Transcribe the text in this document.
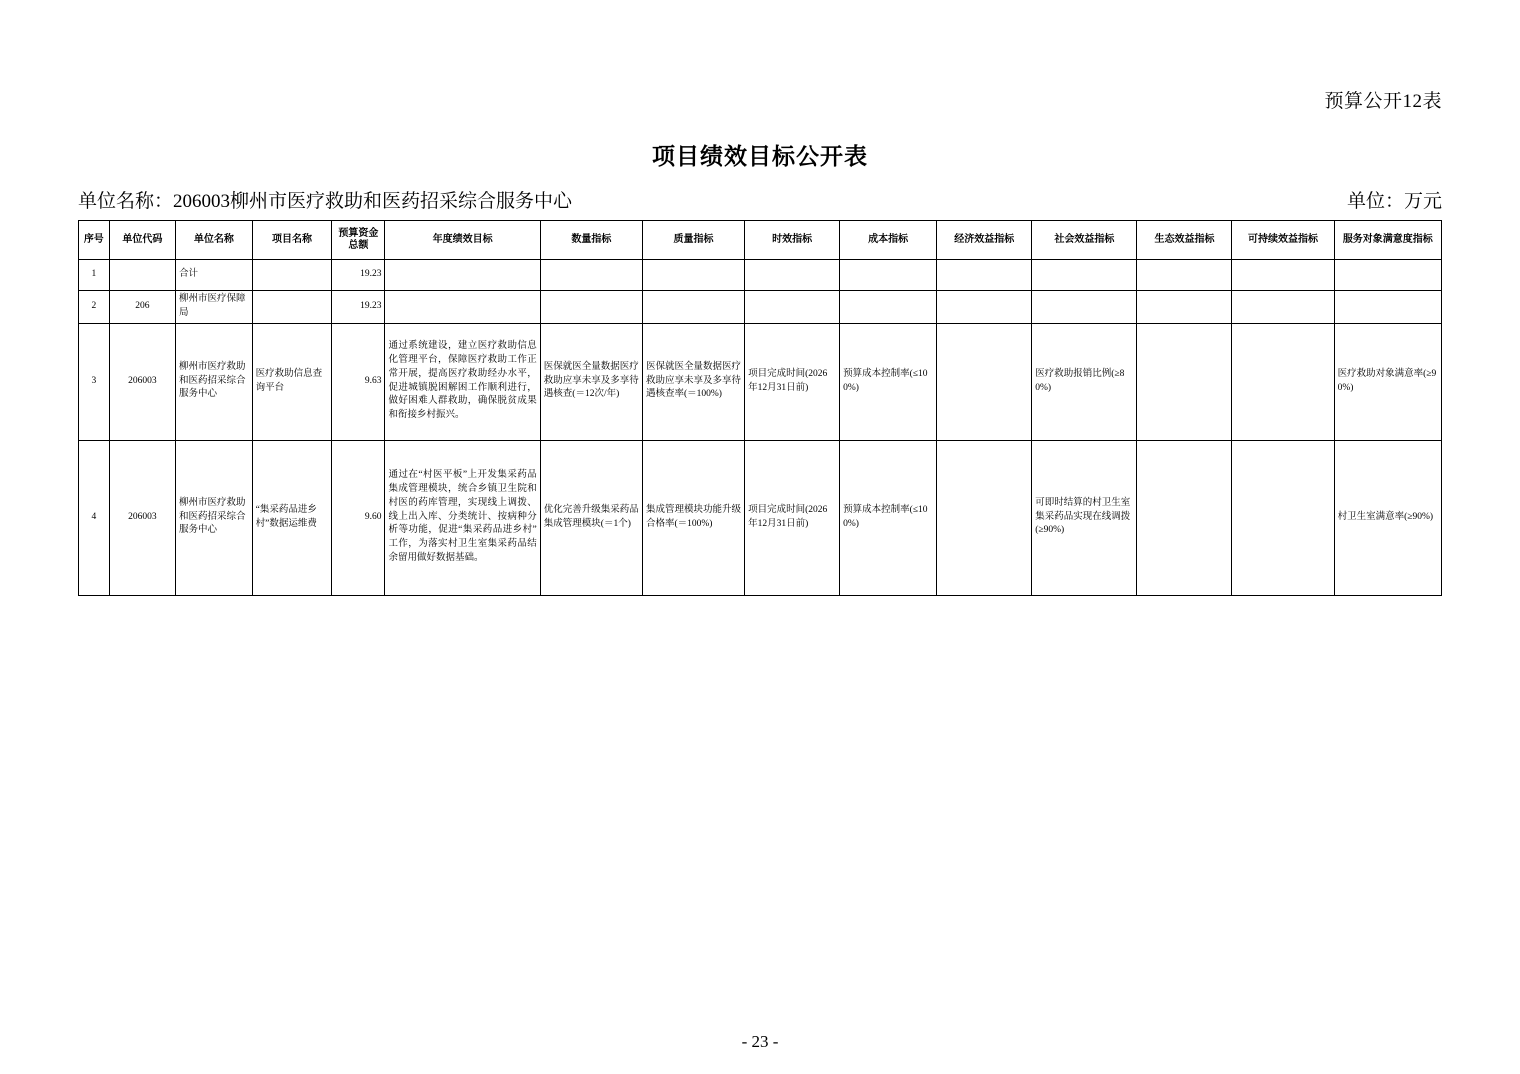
预算公开12表
项目绩效目标公开表
单位名称：206003柳州市医疗救助和医药招采综合服务中心	单位：万元
序号	单位代码	单位名称	项目名称	预算资金总额	年度绩效目标	数量指标	质量指标	时效指标	成本指标	经济效益指标	社会效益指标	生态效益指标	可持续效益指标	服务对象满意度指标
1		合计		19.23										
2	206	柳州市医疗保障局		19.23										
3	206003	柳州市医疗救助和医药招采综合服务中心	医疗救助信息查询平台	9.63	通过系统建设，建立医疗救助信息化管理平台，保障医疗救助工作正常开展，提高医疗救助经办水平，促进城镇脱困解困工作顺利进行，做好困难人群救助，确保脱贫成果和衔接乡村振兴。	医保就医全量数据医疗救助应享未享及多享待遇核查(＝12次/年)	医保就医全量数据医疗救助应享未享及多享待遇核查率(＝100%)	项目完成时间(2026年12月31日前)	预算成本控制率(≤100%)		医疗救助报销比例(≥80%)			医疗救助对象满意率(≥90%)
4	206003	柳州市医疗救助和医药招采综合服务中心	“集采药品进乡村”数据运维费	9.60	通过在“村医平板”上开发集采药品集成管理模块，统合乡镇卫生院和村医的药库管理，实现线上调拨、线上出入库、分类统计、按病种分析等功能，促进“集采药品进乡村”工作，为落实村卫生室集采药品结余留用做好数据基础。	优化完善升级集采药品集成管理模块(＝1个)	集成管理模块功能升级合格率(＝100%)	项目完成时间(2026年12月31日前)	预算成本控制率(≤100%)		可即时结算的村卫生室集采药品实现在线调拨(≥90%)			村卫生室满意率(≥90%)
- 23 -
